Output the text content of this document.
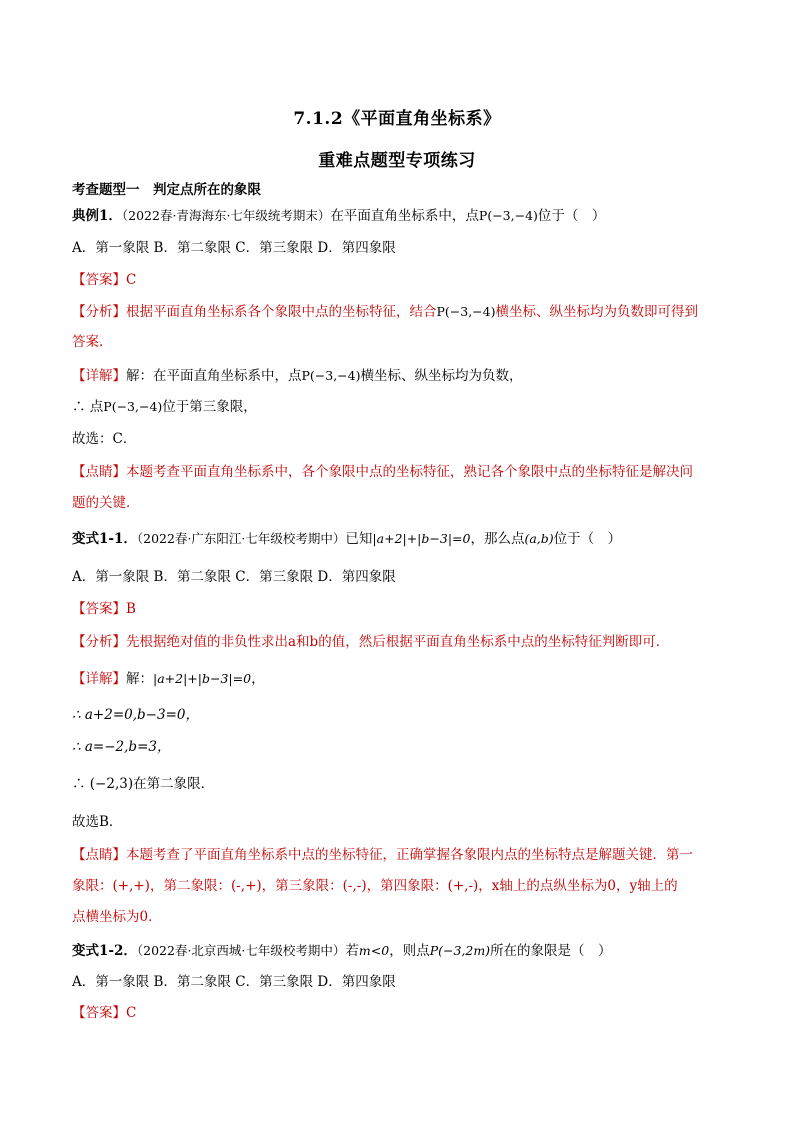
7.1.2《平面直角坐标系》
重难点题型专项练习
考查题型一　判定点所在的象限
典例1．（2022春·青海海东·七年级统考期末）在平面直角坐标系中，点P(−3,−4)位于（　）
A．第一象限 B．第二象限 C．第三象限 D．第四象限
【答案】C
【分析】根据平面直角坐标系各个象限中点的坐标特征，结合P(−3,−4)横坐标、纵坐标均为负数即可得到
答案．
【详解】解：在平面直角坐标系中，点P(−3,−4)横坐标、纵坐标均为负数，
∴ 点P(−3,−4)位于第三象限，
故选：C．
【点睛】本题考查平面直角坐标系中，各个象限中点的坐标特征，熟记各个象限中点的坐标特征是解决问
题的关键．
变式1-1．（2022春·广东阳江·七年级校考期中）已知|a+2|+|b−3|=0，那么点(a,b)位于（　）
A．第一象限 B．第二象限 C．第三象限 D．第四象限
【答案】B
【分析】先根据绝对值的非负性求出a和b的值，然后根据平面直角坐标系中点的坐标特征判断即可．
【详解】解：|a+2|+|b−3|=0，
∴ a+2=0,b−3=0，
∴ a=−2,b=3，
∴ (−2,3)在第二象限．
故选B．
【点睛】本题考查了平面直角坐标系中点的坐标特征，正确掌握各象限内点的坐标特点是解题关键．第一
象限：(+,+)，第二象限：(-,+)，第三象限：(-,-)，第四象限：(+,-)，x轴上的点纵坐标为0，y轴上的
点横坐标为0．
变式1-2．（2022春·北京西城·七年级校考期中）若m<0，则点P(−3,2m)所在的象限是（　）
A．第一象限 B．第二象限 C．第三象限 D．第四象限
【答案】C
